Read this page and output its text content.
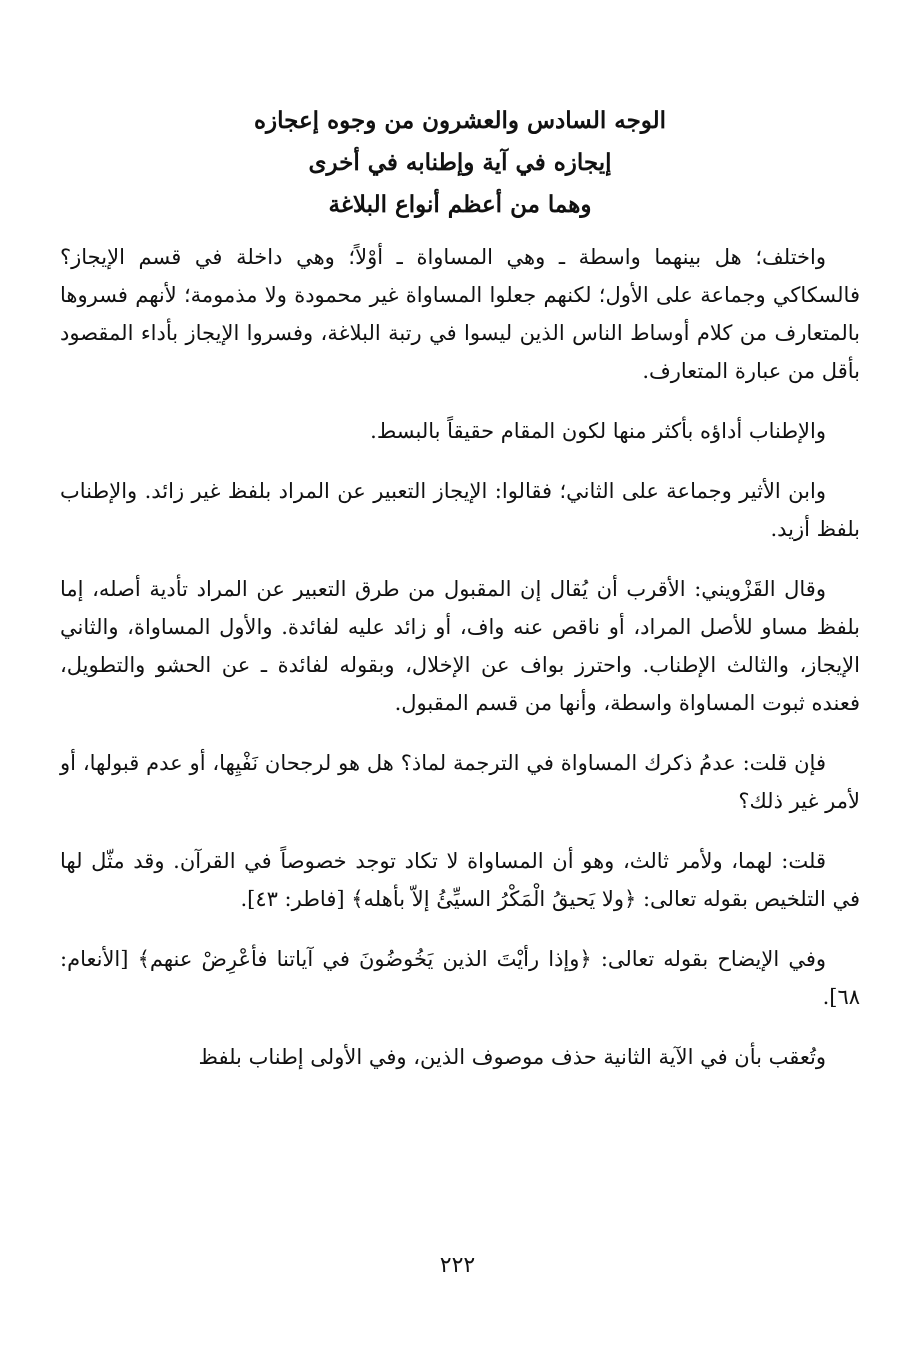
الوجه السادس والعشرون من وجوه إعجازه

إيجازه في آية وإطنابه في أخرى

وهما من أعظم أنواع البلاغة

واختلف؛ هل بينهما واسطة ـ وهي المساواة ـ أوْلاً؛ وهي داخلة في قسم الإيجاز؟ فالسكاكي وجماعة على الأول؛ لكنهم جعلوا المساواة غير محمودة ولا مذمومة؛ لأنهم فسروها بالمتعارف من كلام أوساط الناس الذين ليسوا في رتبة البلاغة، وفسروا الإيجاز بأداء المقصود بأقل من عبارة المتعارف.

والإطناب أداؤه بأكثر منها لكون المقام حقيقاً بالبسط.

وابن الأثير وجماعة على الثاني؛ فقالوا: الإيجاز التعبير عن المراد بلفظ غير زائد. والإطناب بلفظ أزيد.

وقال القَزْويني: الأقرب أن يُقال إن المقبول من طرق التعبير عن المراد تأدية أصله، إما بلفظ مساو للأصل المراد، أو ناقص عنه واف، أو زائد عليه لفائدة. والأول المساواة، والثاني الإيجاز، والثالث الإطناب. واحترز بواف عن الإخلال، وبقوله لفائدة ـ عن الحشو والتطويل، فعنده ثبوت المساواة واسطة، وأنها من قسم المقبول.

فإن قلت: عدمُ ذكرك المساواة في الترجمة لماذ؟ هل هو لرجحان نَفْيِها، أو عدم قبولها، أو لأمر غير ذلك؟

قلت: لهما، ولأمر ثالث، وهو أن المساواة لا تكاد توجد خصوصاً في القرآن. وقد مثّل لها في التلخيص بقوله تعالى: ﴿ولا يَحيقُ الْمَكْرُ السيِّئُ إلاّ بأهله﴾ [فاطر: ٤٣].

وفي الإيضاح بقوله تعالى: ﴿وإذا رأيْتَ الذين يَخُوضُونَ في آياتنا فأعْرِضْ عنهم﴾ [الأنعام: ٦٨].

وتُعقب بأن في الآية الثانية حذف موصوف الذين، وفي الأولى إطناب بلفظ

٢٢٢
